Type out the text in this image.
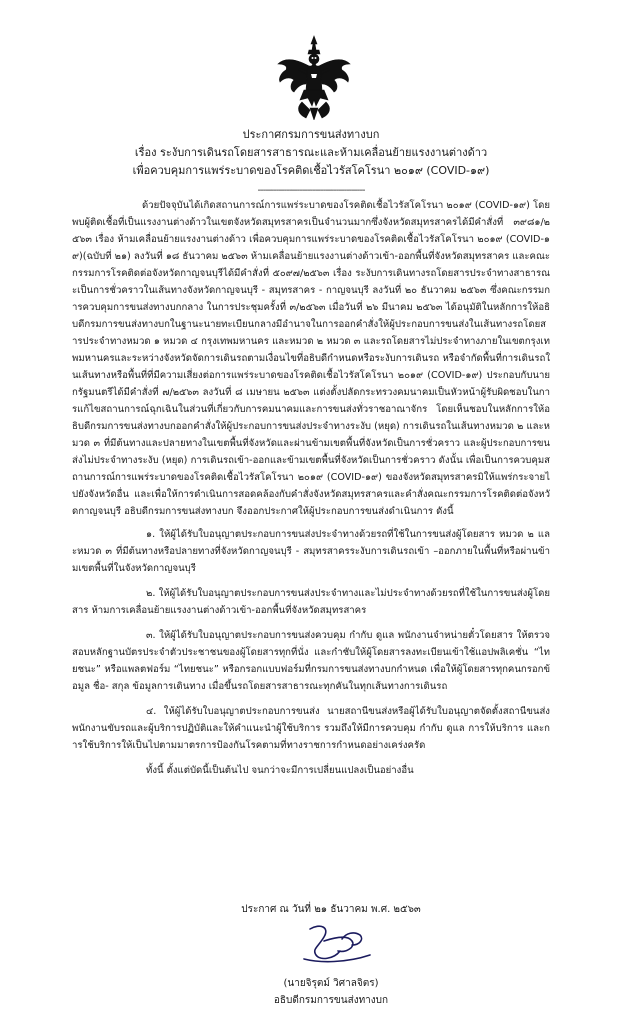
ประกาศกรมการขนส่งทางบก
เรื่อง ระงับการเดินรถโดยสารสาธารณะและห้ามเคลื่อนย้ายแรงงานต่างด้าว
เพื่อควบคุมการแพร่ระบาดของโรคติดเชื้อไวรัสโคโรนา ๒๐๑๙ (COVID-๑๙)
-----------------------------------------

ด้วยปัจจุบันได้เกิดสถานการณ์การแพร่ระบาดของโรคติดเชื้อไวรัสโคโรนา ๒๐๑๙ (COVID-๑๙) โดยพบผู้ติดเชื้อที่เป็นแรงงานต่างด้าวในเขตจังหวัดสมุทรสาครเป็นจำนวนมากซึ่งจังหวัดสมุทรสาครได้มีคำสั่งที่ ๓๙๘๑/๒๕๖๓ เรื่อง ห้ามเคลื่อนย้ายแรงงานต่างด้าว เพื่อควบคุมการแพร่ระบาดของโรคติดเชื้อไวรัสโคโรนา ๒๐๑๙ (COVID-๑๙)(ฉบับที่ ๒๑) ลงวันที่ ๑๘ ธันวาคม ๒๕๖๓ ห้ามเคลื่อนย้ายแรงงานต่างด้าวเข้า-ออกพื้นที่จังหวัดสมุทรสาคร และคณะกรรมการโรคติดต่อจังหวัดกาญจนบุรีได้มีคำสั่งที่ ๕๐๙๗/๒๕๖๓ เรื่อง ระงับการเดินทางรถโดยสารประจำทางสาธารณะเป็นการชั่วคราวในเส้นทางจังหวัดกาญจนบุรี - สมุทรสาคร - กาญจนบุรี ลงวันที่ ๒๐ ธันวาคม ๒๕๖๓ ซึ่งคณะกรรมการควบคุมการขนส่งทางบกกลาง ในการประชุมครั้งที่ ๓/๒๕๖๓ เมื่อวันที่ ๒๖ มีนาคม ๒๕๖๓ ได้อนุมัติในหลักการให้อธิบดีกรมการขนส่งทางบกในฐานะนายทะเบียนกลางมีอำนาจในการออกคำสั่งให้ผู้ประกอบการขนส่งในเส้นทางรถโดยสารประจำทางหมวด ๑ หมวด ๔ กรุงเทพมหานคร และหมวด ๒ หมวด ๓ และรถโดยสารไม่ประจำทางภายในเขตกรุงเทพมหานครและระหว่างจังหวัดจัดการเดินรถตามเงื่อนไขที่อธิบดีกำหนดหรือระงับการเดินรถ หรือจำกัดพื้นที่การเดินรถในเส้นทางหรือพื้นที่ที่มีความเสี่ยงต่อการแพร่ระบาดของโรคติดเชื้อไวรัสโคโรนา ๒๐๑๙ (COVID-๑๙) ประกอบกับนายกรัฐมนตรีได้มีคำสั่งที่ ๗/๒๕๖๓ ลงวันที่ ๘ เมษายน ๒๕๖๓ แต่งตั้งปลัดกระทรวงคมนาคมเป็นหัวหน้าผู้รับผิดชอบในการแก้ไขสถานการณ์ฉุกเฉินในส่วนที่เกี่ยวกับการคมนาคมและการขนส่งทั่วราชอาณาจักร โดยเห็นชอบในหลักการให้อธิบดีกรมการขนส่งทางบกออกคำสั่งให้ผู้ประกอบการขนส่งประจำทางระงับ (หยุด) การเดินรถในเส้นทางหมวด ๒ และหมวด ๓ ที่มีต้นทางและปลายทางในเขตพื้นที่จังหวัดและผ่านข้ามเขตพื้นที่จังหวัดเป็นการชั่วคราว และผู้ประกอบการขนส่งไม่ประจำทางระงับ (หยุด) การเดินรถเข้า-ออกและข้ามเขตพื้นที่จังหวัดเป็นการชั่วคราว ดังนั้น เพื่อเป็นการควบคุมสถานการณ์การแพร่ระบาดของโรคติดเชื้อไวรัสโคโรนา ๒๐๑๙ (COVID-๑๙) ของจังหวัดสมุทรสาครมิให้แพร่กระจายไปยังจังหวัดอื่น และเพื่อให้การดำเนินการสอดคล้องกับคำสั่งจังหวัดสมุทรสาครและคำสั่งคณะกรรมการโรคติดต่อจังหวัดกาญจนบุรี อธิบดีกรมการขนส่งทางบก จึงออกประกาศให้ผู้ประกอบการขนส่งดำเนินการ ดังนี้

๑. ให้ผู้ได้รับใบอนุญาตประกอบการขนส่งประจำทางด้วยรถที่ใช้ในการขนส่งผู้โดยสาร หมวด ๒ และหมวด ๓ ที่มีต้นทางหรือปลายทางที่จังหวัดกาญจนบุรี - สมุทรสาครระงับการเดินรถเข้า –ออกภายในพื้นที่หรือผ่านข้ามเขตพื้นที่ในจังหวัดกาญจนบุรี

๒. ให้ผู้ได้รับใบอนุญาตประกอบการขนส่งประจำทางและไม่ประจำทางด้วยรถที่ใช้ในการขนส่งผู้โดยสาร ห้ามการเคลื่อนย้ายแรงงานต่างด้าวเข้า-ออกพื้นที่จังหวัดสมุทรสาคร

๓. ให้ผู้ได้รับใบอนุญาตประกอบการขนส่งควบคุม กำกับ ดูแล พนักงานจำหน่ายตั๋วโดยสาร ให้ตรวจสอบหลักฐานบัตรประจำตัวประชาชนของผู้โดยสารทุกที่นั่ง และกำชับให้ผู้โดยสารลงทะเบียนเข้าใช้แอปพลิเคชั่น “ไทยชนะ” หรือแพลตฟอร์ม “ไทยชนะ” หรือกรอกแบบฟอร์มที่กรมการขนส่งทางบกกำหนด เพื่อให้ผู้โดยสารทุกคนกรอกข้อมูล ชื่อ- สกุล ข้อมูลการเดินทาง เมื่อขึ้นรถโดยสารสาธารณะทุกคันในทุกเส้นทางการเดินรถ

๔. ให้ผู้ได้รับใบอนุญาตประกอบการขนส่ง นายสถานีขนส่งหรือผู้ได้รับใบอนุญาตจัดตั้งสถานีขนส่ง พนักงานขับรถและผู้บริการปฏิบัติและให้คำแนะนำผู้ใช้บริการ รวมถึงให้มีการควบคุม กำกับ ดูแล การให้บริการ และการใช้บริการให้เป็นไปตามมาตรการป้องกันโรคตามที่ทางราชการกำหนดอย่างเคร่งครัด

ทั้งนี้ ตั้งแต่บัดนี้เป็นต้นไป จนกว่าจะมีการเปลี่ยนแปลงเป็นอย่างอื่น

ประกาศ ณ วันที่ ๒๑ ธันวาคม พ.ศ. ๒๕๖๓
(นายจิรุตม์ วิศาลจิตร)
อธิบดีกรมการขนส่งทางบก
